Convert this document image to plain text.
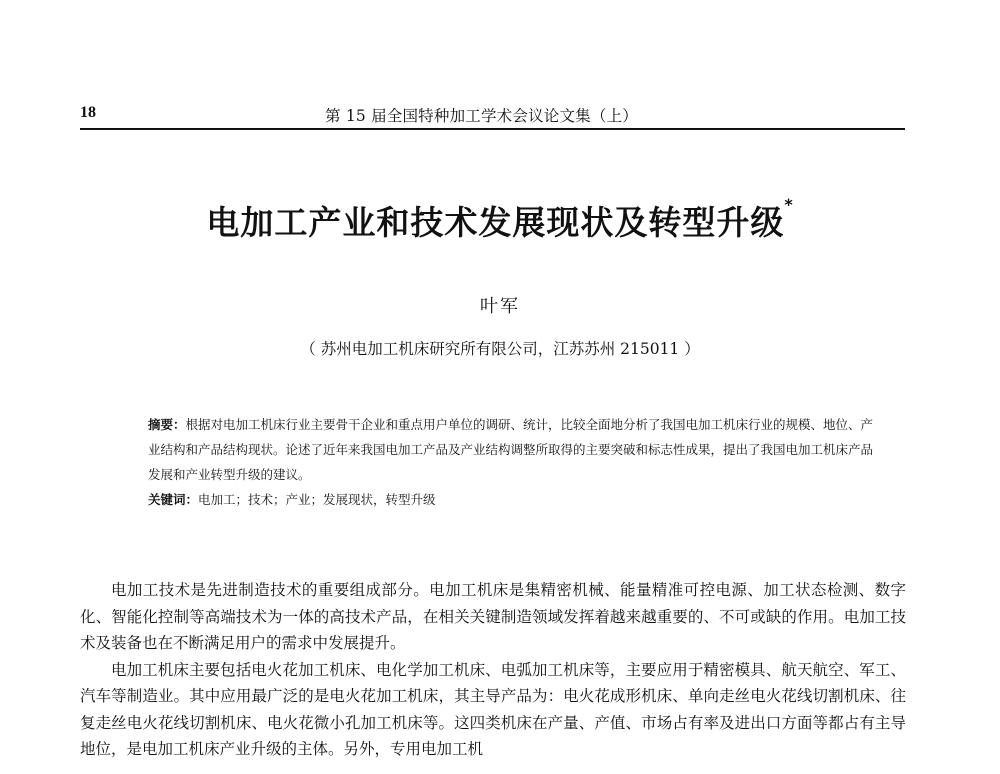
18	第 15 届全国特种加工学术会议论文集（上）
电加工产业和技术发展现状及转型升级*
叶军
（ 苏州电加工机床研究所有限公司，江苏苏州 215011 ）

摘要：根据对电加工机床行业主要骨干企业和重点用户单位的调研、统计，比较全面地分析了我国电加工机床行业的规模、地位、产业结构和产品结构现状。论述了近年来我国电加工产品及产业结构调整所取得的主要突破和标志性成果，提出了我国电加工机床产品发展和产业转型升级的建议。

关键词：电加工；技术；产业；发展现状，转型升级

电加工技术是先进制造技术的重要组成部分。电加工机床是集精密机械、能量精准可控电源、加工状态检测、数字化、智能化控制等高端技术为一体的高技术产品，在相关关键制造领域发挥着越来越重要的、不可或缺的作用。电加工技术及装备也在不断满足用户的需求中发展提升。

电加工机床主要包括电火花加工机床、电化学加工机床、电弧加工机床等，主要应用于精密模具、航天航空、军工、汽车等制造业。其中应用最广泛的是电火花加工机床，其主导产品为：电火花成形机床、单向走丝电火花线切割机床、往复走丝电火花线切割机床、电火花微小孔加工机床等。这四类机床在产量、产值、市场占有率及进出口方面等都占有主导地位，是电加工机床产业升级的主体。另外，专用电加工机
